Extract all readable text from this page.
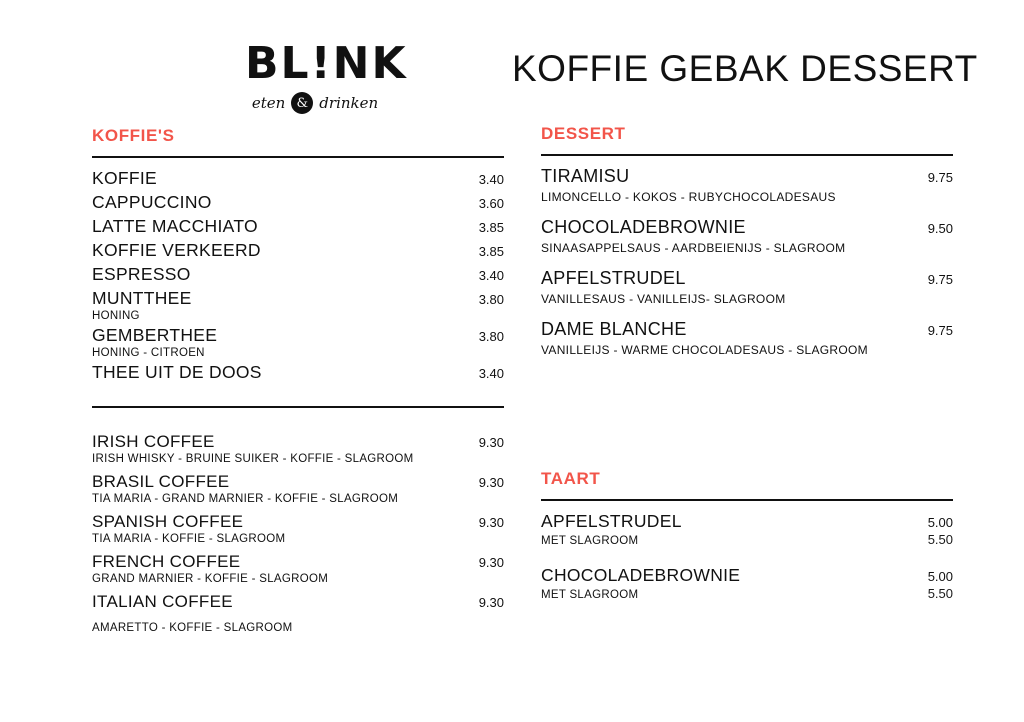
BL!NK
eten & drinken
KOFFIE GEBAK DESSERT
KOFFIE'S
KOFFIE	3.40
CAPPUCCINO	3.60
LATTE MACCHIATO	3.85
KOFFIE VERKEERD	3.85
ESPRESSO	3.40
MUNTTHEE	3.80
HONING
GEMBERTHEE	3.80
HONING - CITROEN
THEE UIT DE DOOS	3.40
IRISH COFFEE	9.30
IRISH WHISKY - BRUINE SUIKER - KOFFIE - SLAGROOM
BRASIL COFFEE	9.30
TIA MARIA - GRAND MARNIER - KOFFIE - SLAGROOM
SPANISH COFFEE	9.30
TIA MARIA - KOFFIE - SLAGROOM
FRENCH COFFEE	9.30
GRAND MARNIER - KOFFIE - SLAGROOM
ITALIAN COFFEE	9.30
AMARETTO - KOFFIE - SLAGROOM
DESSERT
TIRAMISU	9.75
LIMONCELLO - KOKOS - RUBYCHOCOLADESAUS
CHOCOLADEBROWNIE	9.50
SINAASAPPELSAUS - AARDBEIENIJS - SLAGROOM
APFELSTRUDEL	9.75
VANILLESAUS - VANILLEIJS- SLAGROOM
DAME BLANCHE	9.75
VANILLEIJS - WARME CHOCOLADESAUS - SLAGROOM
TAART
APFELSTRUDEL	5.00
MET SLAGROOM	5.50
CHOCOLADEBROWNIE	5.00
MET SLAGROOM	5.50
